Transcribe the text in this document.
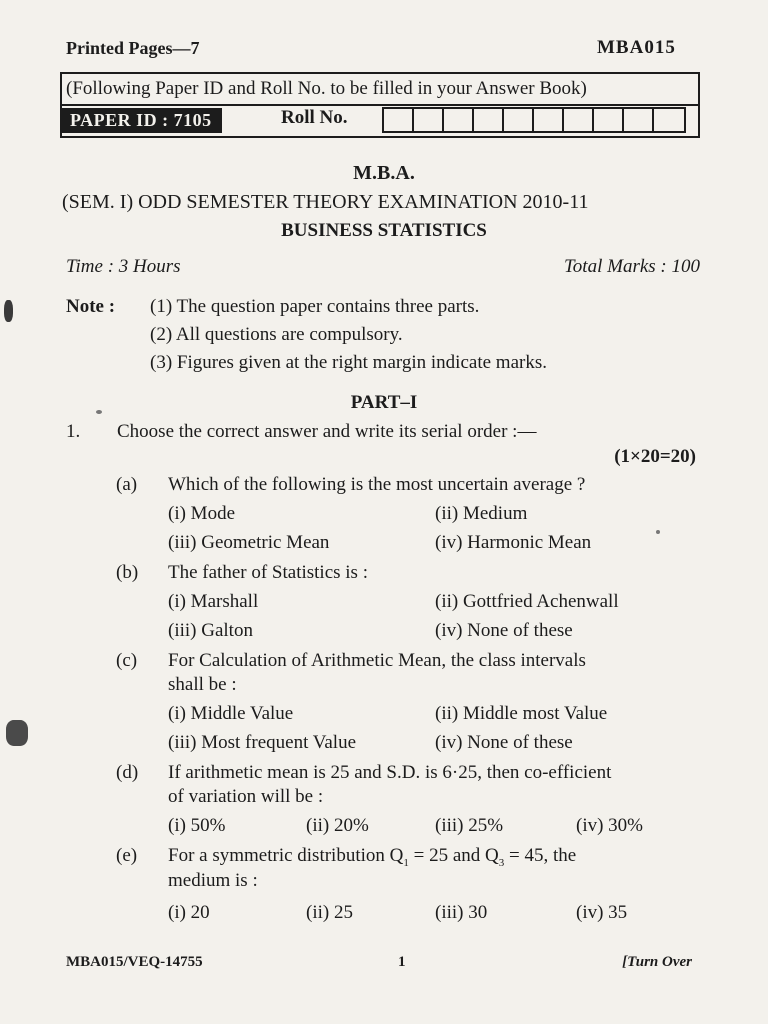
Printed Pages—7	MBA015
(Following Paper ID and Roll No. to be filled in your Answer Book)
PAPER ID : 7105	Roll No.
M.B.A.
(SEM. I) ODD SEMESTER THEORY EXAMINATION 2010-11
BUSINESS STATISTICS
Time : 3 Hours	Total Marks : 100
Note : (1) The question paper contains three parts.
(2) All questions are compulsory.
(3) Figures given at the right margin indicate marks.
PART–I
1. Choose the correct answer and write its serial order :—
(1×20=20)
(a) Which of the following is the most uncertain average ?
(i) Mode	(ii) Medium
(iii) Geometric Mean	(iv) Harmonic Mean
(b) The father of Statistics is :
(i) Marshall	(ii) Gottfried Achenwall
(iii) Galton	(iv) None of these
(c) For Calculation of Arithmetic Mean, the class intervals
shall be :
(i) Middle Value	(ii) Middle most Value
(iii) Most frequent Value	(iv) None of these
(d) If arithmetic mean is 25 and S.D. is 6·25, then co-efficient
of variation will be :
(i) 50%	(ii) 20%	(iii) 25%	(iv) 30%
(e) For a symmetric distribution $Q_1 = 25$ and $Q_3 = 45$, the
medium is :
(i) 20	(ii) 25	(iii) 30	(iv) 35
MBA015/VEQ-14755	1	[Turn Over
